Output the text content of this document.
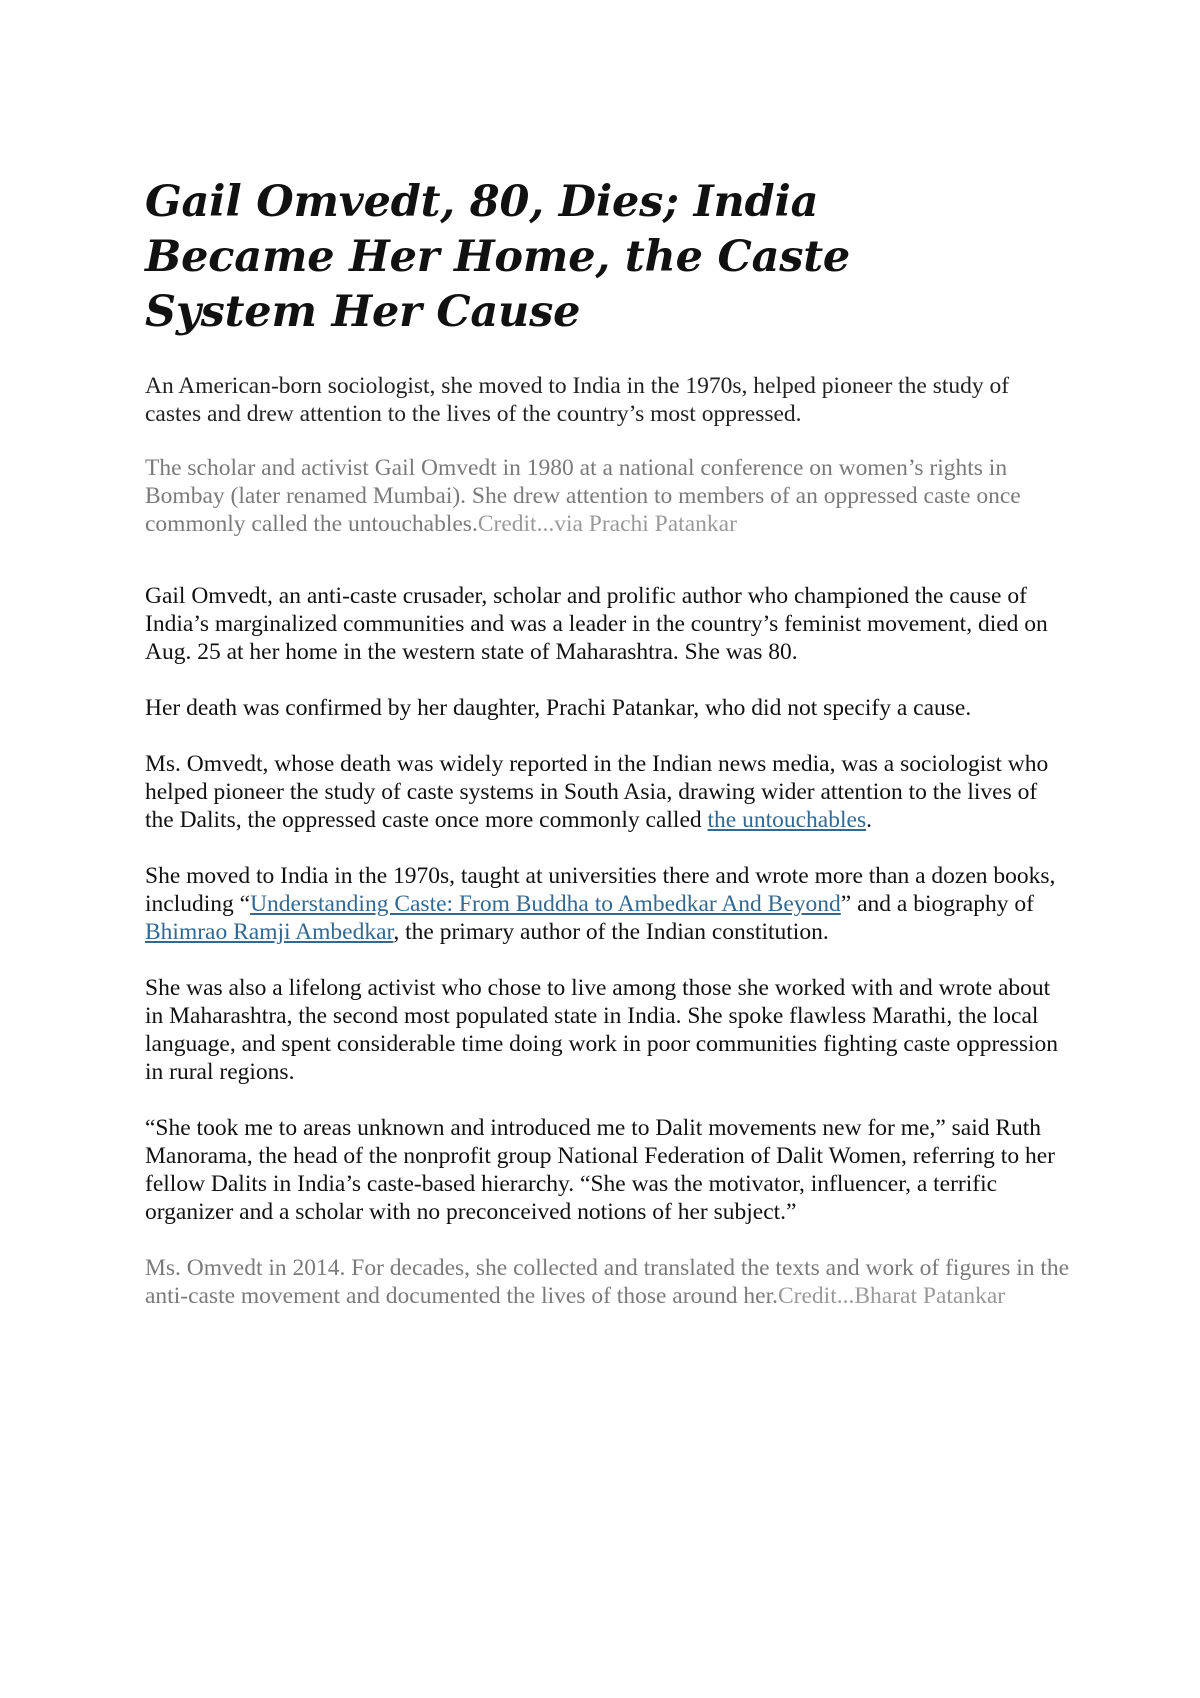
Gail Omvedt, 80, Dies; India Became Her Home, the Caste System Her Cause

An American-born sociologist, she moved to India in the 1970s, helped pioneer the study of castes and drew attention to the lives of the country’s most oppressed.

The scholar and activist Gail Omvedt in 1980 at a national conference on women’s rights in Bombay (later renamed Mumbai). She drew attention to members of an oppressed caste once commonly called the untouchables.Credit...via Prachi Patankar

Gail Omvedt, an anti-caste crusader, scholar and prolific author who championed the cause of India’s marginalized communities and was a leader in the country’s feminist movement, died on Aug. 25 at her home in the western state of Maharashtra. She was 80.

Her death was confirmed by her daughter, Prachi Patankar, who did not specify a cause.

Ms. Omvedt, whose death was widely reported in the Indian news media, was a sociologist who helped pioneer the study of caste systems in South Asia, drawing wider attention to the lives of the Dalits, the oppressed caste once more commonly called the untouchables.

She moved to India in the 1970s, taught at universities there and wrote more than a dozen books, including “Understanding Caste: From Buddha to Ambedkar And Beyond” and a biography of Bhimrao Ramji Ambedkar, the primary author of the Indian constitution.

She was also a lifelong activist who chose to live among those she worked with and wrote about in Maharashtra, the second most populated state in India. She spoke flawless Marathi, the local language, and spent considerable time doing work in poor communities fighting caste oppression in rural regions.

“She took me to areas unknown and introduced me to Dalit movements new for me,” said Ruth Manorama, the head of the nonprofit group National Federation of Dalit Women, referring to her fellow Dalits in India’s caste-based hierarchy. “She was the motivator, influencer, a terrific organizer and a scholar with no preconceived notions of her subject.”

Ms. Omvedt in 2014. For decades, she collected and translated the texts and work of figures in the anti-caste movement and documented the lives of those around her.Credit...Bharat Patankar
